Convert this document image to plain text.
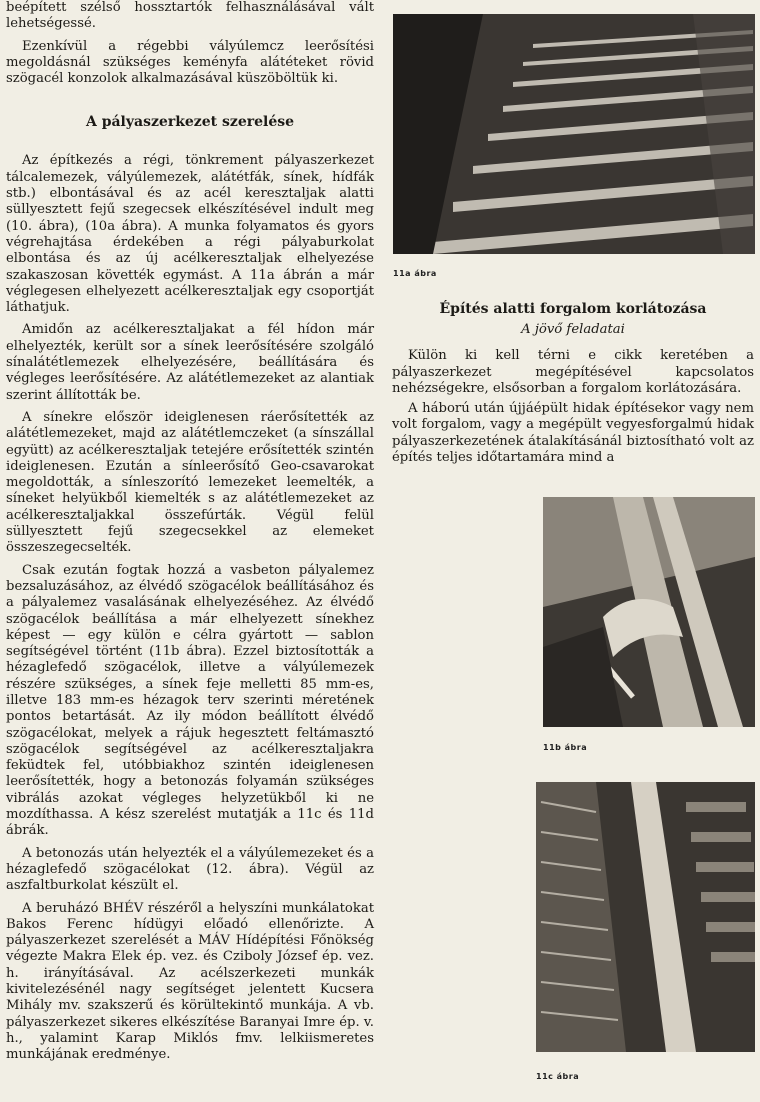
beépített szélső hossztartók felhasználásával vált lehetségessé.

Ezenkívül a régebbi vályúlemcz leerősítési megoldásnál szükséges keményfa alátéteket rövid szögacél konzolok alkalmazásával küszöböltük ki.

A pályaszerkezet szerelése

Az építkezés a régi, tönkrement pályaszerkezet tálcalemezek, vályúlemezek, alátétfák, sínek, hídfák stb.) elbontásával és az acél keresztaljak alatti süllyesztett fejű szegecsek elkészítésével indult meg (10. ábra), (10a ábra). A munka folyamatos és gyors végrehajtása érdekében a régi pályaburkolat elbontása és az új acélkeresztaljak elhelyezése szakaszosan követték egymást. A 11a ábrán a már véglegesen elhelyezett acélkeresztaljak egy csoportját láthatjuk.

Amidőn az acélkeresztaljakat a fél hídon már elhelyezték, került sor a sínek leerősítésére szolgáló sínalátétlemezek elhelyezésére, beállítására és végleges leerősítésére. Az alátétlemezeket az alantiak szerint állították be.

A sínekre először ideiglenesen ráerősítették az alátétlemezeket, majd az alátétlemczeket (a sínszállal együtt) az acélkeresztaljak tetejére erősítették szintén ideiglenesen. Ezután a sínleerősítő Geo-csavarokat megoldották, a sínleszorító lemezeket leemelték, a síneket helyükből kiemelték s az alátétlemezeket az acélkeresztaljakkal összefúrták. Végül felül süllyesztett fejű szegecsekkel az elemeket összeszegecselték.

Csak ezután fogtak hozzá a vasbeton pályalemez bezsaluzásához, az élvédő szögacélok beállításához és a pályalemez vasalásának elhelyezéséhez. Az élvédő szögacélok beállítása a már elhelyezett sínekhez képest — egy külön e célra gyártott — sablon segítségével történt (11b ábra). Ezzel biztosították a hézaglefedő szögacélok, illetve a vályúlemezek részére szükséges, a sínek feje melletti 85 mm-es, illetve 183 mm-es hézagok terv szerinti méretének pontos betartását. Az ily módon beállított élvédő szögacélokat, melyek a rájuk hegesztett feltámasztó szögacélok segítségével az acélkeresztaljakra feküdtek fel, utóbbiakhoz szintén ideiglenesen leerősítették, hogy a betonozás folyamán szükséges vibrálás azokat végleges helyzetükből ki ne mozdíthassa. A kész szerelést mutatják a 11c és 11d ábrák.

A betonozás után helyezték el a vályúlemezeket és a hézaglefedő szögacélokat (12. ábra). Végül az aszfaltburkolat készült el.

A beruházó BHÉV részéről a helyszíni munkálatokat Bakos Ferenc hídügyi előadó ellenőrizte. A pályaszerkezet szerelését a MÁV Hídépítési Főnökség végezte Makra Elek ép. vez. és Cziboly József ép. vez. h. irányításával. Az acélszerkezeti munkák kivitelezésénél nagy segítséget jelentett Kucsera Mihály mv. szakszerű és körültekintő munkája. A vb. pályaszerkezet sikeres elkészítése Baranyai Imre ép. v. h., yalamint Karap Miklós fmv. lelkiismeretes munkájának eredménye.

11a ábra
Építés alatti forgalom korlátozása
A jövő feladatai

Külön ki kell térni e cikk keretében a pályaszerkezet megépítésével kapcsolatos nehézségekre, elsősorban a forgalom korlátozására.

A háború után újjáépült hidak építésekor vagy nem volt forgalom, vagy a megépült vegyesforgalmú hidak pályaszerkezetének átalakításánál biztosítható volt az építés teljes időtartamára mind a

11b ábra
11c ábra
